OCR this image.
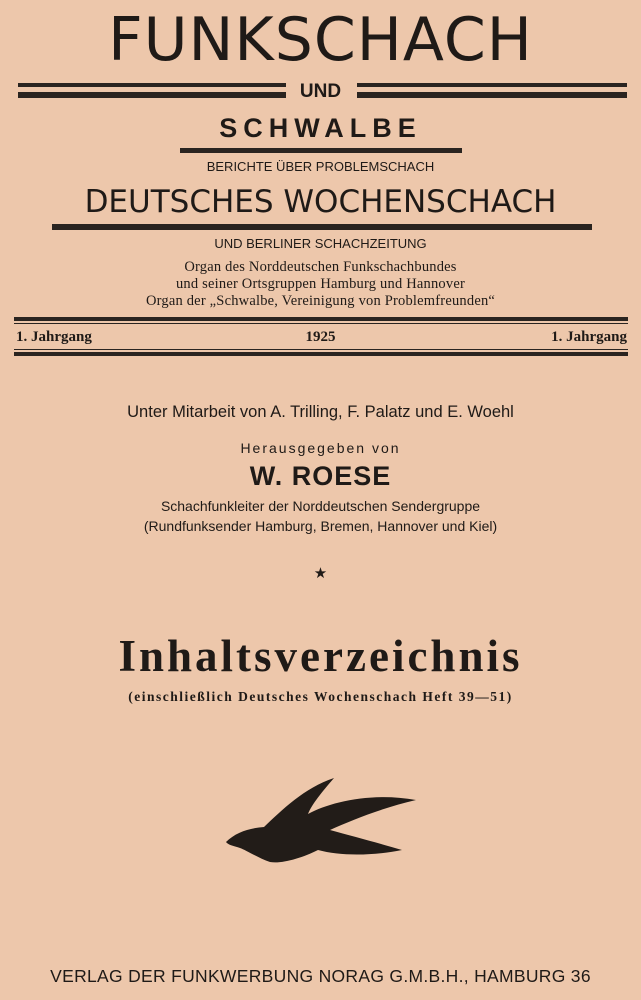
FUNKSCHACH
UND
SCHWALBE
BERICHTE ÜBER PROBLEMSCHACH
DEUTSCHES WOCHENSCHACH
UND BERLINER SCHACHZEITUNG
Organ des Norddeutschen Funkschachbundes
und seiner Ortsgruppen Hamburg und Hannover
Organ der „Schwalbe, Vereinigung von Problemfreunden“
1. Jahrgang	1925	1. Jahrgang
Unter Mitarbeit von A. Trilling, F. Palatz und E. Woehl
Herausgegeben von
W. ROESE
Schachfunkleiter der Norddeutschen Sendergruppe
(Rundfunksender Hamburg, Bremen, Hannover und Kiel)
★
Inhaltsverzeichnis
(einschließlich Deutsches Wochenschach Heft 39—51)
VERLAG DER FUNKWERBUNG NORAG G.M.B.H., HAMBURG 36
